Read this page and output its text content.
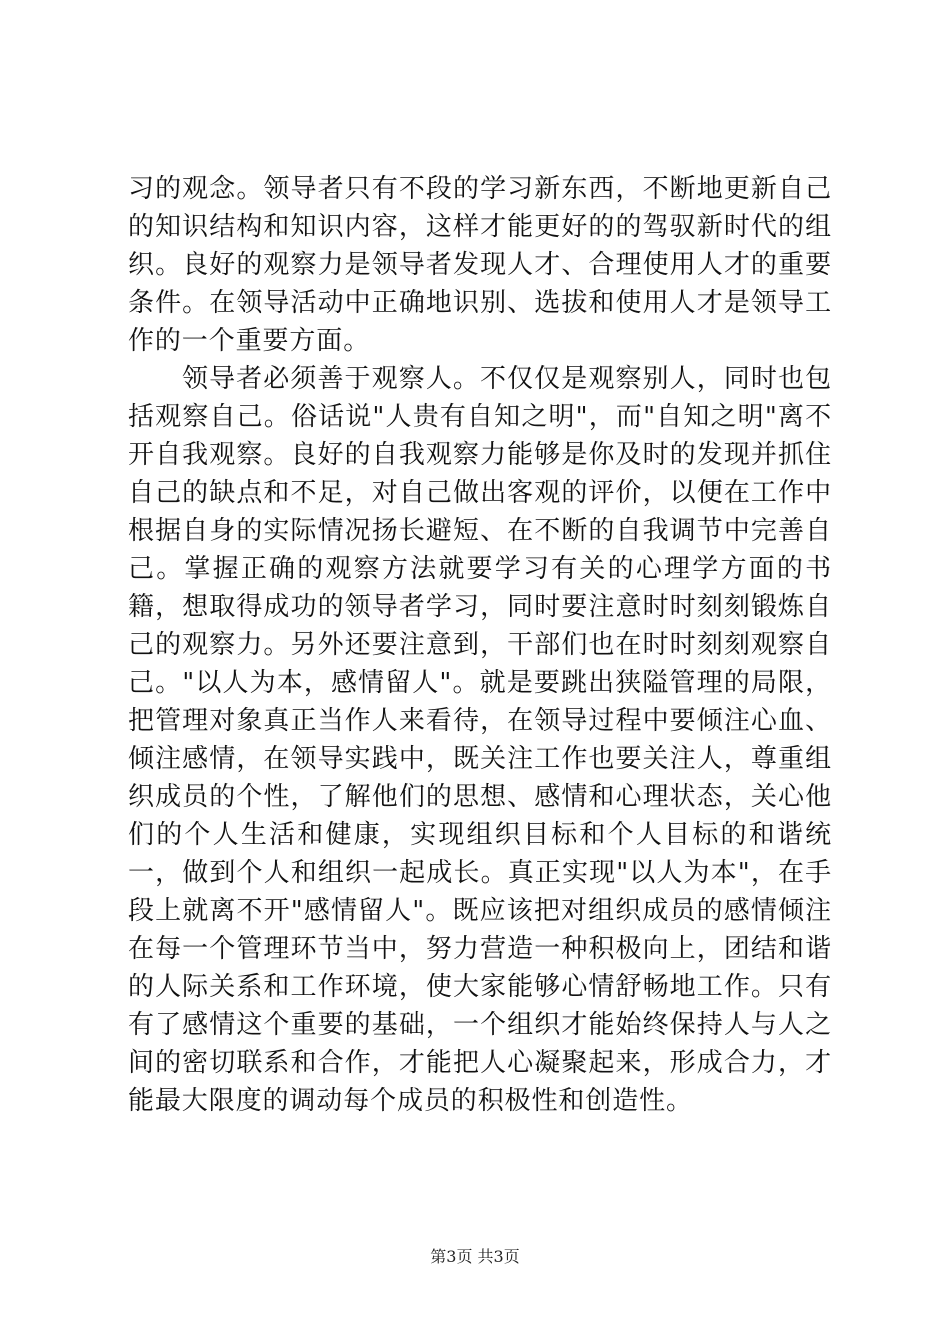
习的观念。领导者只有不段的学习新东西，不断地更新自己的知识结构和知识内容，这样才能更好的的驾驭新时代的组织。良好的观察力是领导者发现人才、合理使用人才的重要条件。在领导活动中正确地识别、选拔和使用人才是领导工作的一个重要方面。

领导者必须善于观察人。不仅仅是观察别人，同时也包括观察自己。俗话说"人贵有自知之明"，而"自知之明"离不开自我观察。良好的自我观察力能够是你及时的发现并抓住自己的缺点和不足，对自己做出客观的评价，以便在工作中根据自身的实际情况扬长避短、在不断的自我调节中完善自己。掌握正确的观察方法就要学习有关的心理学方面的书籍，想取得成功的领导者学习，同时要注意时时刻刻锻炼自己的观察力。另外还要注意到，干部们也在时时刻刻观察自己。"以人为本，感情留人"。就是要跳出狭隘管理的局限，把管理对象真正当作人来看待，在领导过程中要倾注心血、倾注感情，在领导实践中，既关注工作也要关注人，尊重组织成员的个性，了解他们的思想、感情和心理状态，关心他们的个人生活和健康，实现组织目标和个人目标的和谐统一，做到个人和组织一起成长。真正实现"以人为本"，在手段上就离不开"感情留人"。既应该把对组织成员的感情倾注在每一个管理环节当中，努力营造一种积极向上，团结和谐的人际关系和工作环境，使大家能够心情舒畅地工作。只有有了感情这个重要的基础，一个组织才能始终保持人与人之间的密切联系和合作，才能把人心凝聚起来，形成合力，才能最大限度的调动每个成员的积极性和创造性。

第3页 共3页
